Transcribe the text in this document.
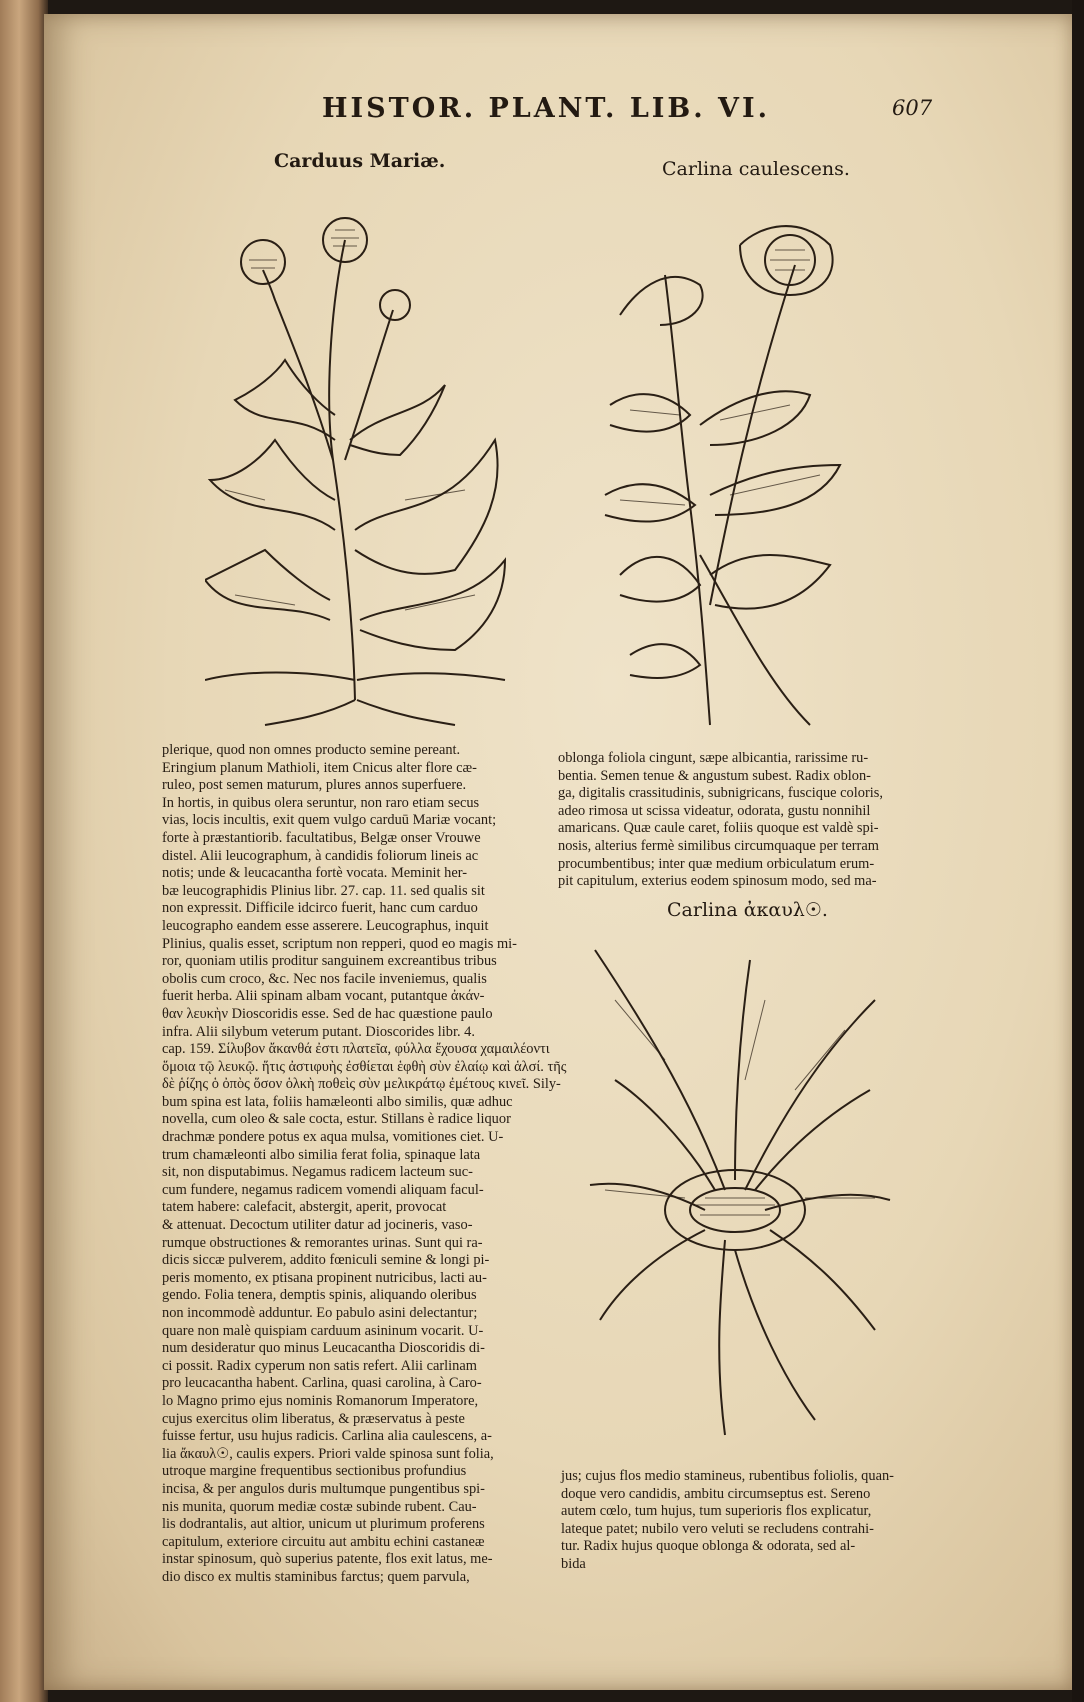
HISTOR. PLANT. LIB. VI.	607
Carduus Mariæ.	Carlina caulescens.
Carlina ἀκαυλ☉.
plerique, quod non omnes producto semine pereant.
Eringium planum Mathioli, item Cnicus alter flore cæ-
ruleo, post semen maturum, plures annos superfuere.
In hortis, in quibus olera seruntur, non raro etiam secus
vias, locis incultis, exit quem vulgo carduū Mariæ vocant;
forte à præstantiorib. facultatibus, Belgæ onser Vrouwe
distel. Alii leucographum, à candidis foliorum lineis ac
notis; unde & leucacantha fortè vocata. Meminit her-
bæ leucographidis Plinius libr. 27. cap. 11. sed qualis sit
non expressit. Difficile idcirco fuerit, hanc cum carduo
leucographo eandem esse asserere. Leucographus, inquit
Plinius, qualis esset, scriptum non repperi, quod eo magis mi-
ror, quoniam utilis proditur sanguinem excreantibus tribus
obolis cum croco, &c. Nec nos facile inveniemus, qualis
fuerit herba. Alii spinam albam vocant, putantque ἀκάν-
θαν λευκὴν Dioscoridis esse. Sed de hac quæstione paulo
infra. Alii silybum veterum putant. Dioscorides libr. 4.
cap. 159. Σίλυβον ἄκανθά ἐστι πλατεῖα, φύλλα ἔχουσα χαμαιλέοντι
ὅμοια τῷ λευκῷ. ἥτις ἀστιφυὴς ἐσθίεται ἑφθὴ σὺν ἐλαίῳ καὶ ἁλσί. τῆς
δὲ ῥίζης ὁ ὀπὸς ὅσον ὁλκὴ ποθεὶς σὺν μελικράτῳ ἐμέτους κινεῖ. Sily-
bum spina est lata, foliis hamæleonti albo similis, quæ adhuc
novella, cum oleo & sale cocta, estur. Stillans è radice liquor
drachmæ pondere potus ex aqua mulsa, vomitiones ciet. U-
trum chamæleonti albo similia ferat folia, spinaque lata
sit, non disputabimus. Negamus radicem lacteum suc-
cum fundere, negamus radicem vomendi aliquam facul-
tatem habere: calefacit, abstergit, aperit, provocat
& attenuat. Decoctum utiliter datur ad jocineris, vaso-
rumque obstructiones & remorantes urinas. Sunt qui ra-
dicis siccæ pulverem, addito fœniculi semine & longi pi-
peris momento, ex ptisana propinent nutricibus, lacti au-
gendo. Folia tenera, demptis spinis, aliquando oleribus
non incommodè adduntur. Eo pabulo asini delectantur;
quare non malè quispiam carduum asininum vocarit. U-
num desideratur quo minus Leucacantha Dioscoridis di-
ci possit. Radix cyperum non satis refert. Alii carlinam
pro leucacantha habent. Carlina, quasi carolina, à Caro-
lo Magno primo ejus nominis Romanorum Imperatore,
cujus exercitus olim liberatus, & præservatus à peste
fuisse fertur, usu hujus radicis. Carlina alia caulescens, a-
lia ἄκαυλ☉, caulis expers. Priori valde spinosa sunt folia,
utroque margine frequentibus sectionibus profundius
incisa, & per angulos duris multumque pungentibus spi-
nis munita, quorum mediæ costæ subinde rubent. Cau-
lis dodrantalis, aut altior, unicum ut plurimum proferens
capitulum, exteriore circuitu aut ambitu echini castaneæ
instar spinosum, quò superius patente, flos exit latus, me-
dio disco ex multis staminibus farctus; quem parvula,
oblonga foliola cingunt, sæpe albicantia, rarissime ru-
bentia. Semen tenue & angustum subest. Radix oblon-
ga, digitalis crassitudinis, subnigricans, fuscique coloris,
adeo rimosa ut scissa videatur, odorata, gustu nonnihil
amaricans. Quæ caule caret, foliis quoque est valdè spi-
nosis, alterius fermè similibus circumquaque per terram
procumbentibus; inter quæ medium orbiculatum erum-
pit capitulum, exterius eodem spinosum modo, sed ma-
jus; cujus flos medio stamineus, rubentibus foliolis, quan-
doque vero candidis, ambitu circumseptus est. Sereno
autem cœlo, tum hujus, tum superioris flos explicatur,
lateque patet; nubilo vero veluti se recludens contrahi-
tur. Radix hujus quoque oblonga & odorata, sed al-
bida
